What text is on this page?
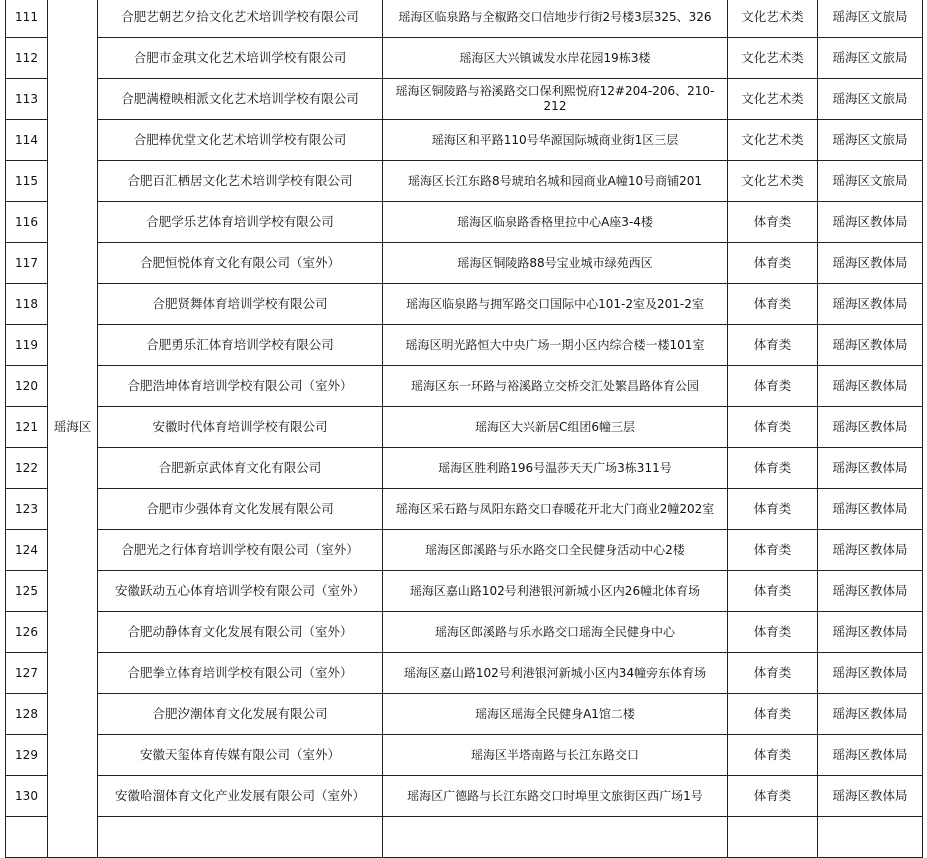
111	瑶海区	合肥艺朝艺夕拾文化艺术培训学校有限公司	瑶海区临泉路与全椒路交口信地步行街2号楼3层325、326	文化艺术类	瑶海区文旅局
112		合肥市金琪文化艺术培训学校有限公司	瑶海区大兴镇诚发水岸花园19栋3楼	文化艺术类	瑶海区文旅局
113		合肥满橙映相派文化艺术培训学校有限公司	瑶海区铜陵路与裕溪路交口保利熙悦府12#204-206、210-212	文化艺术类	瑶海区文旅局
114		合肥棒优堂文化艺术培训学校有限公司	瑶海区和平路110号华源国际城商业街1区三层	文化艺术类	瑶海区文旅局
115		合肥百汇栖居文化艺术培训学校有限公司	瑶海区长江东路8号琥珀名城和园商业A幢10号商铺201	文化艺术类	瑶海区文旅局
116		合肥学乐艺体育培训学校有限公司	瑶海区临泉路香格里拉中心A座3-4楼	体育类	瑶海区教体局
117		合肥恒悦体育文化有限公司（室外）	瑶海区铜陵路88号宝业城市绿苑西区	体育类	瑶海区教体局
118		合肥贤舞体育培训学校有限公司	瑶海区临泉路与拥军路交口国际中心101-2室及201-2室	体育类	瑶海区教体局
119		合肥勇乐汇体育培训学校有限公司	瑶海区明光路恒大中央广场一期小区内综合楼一楼101室	体育类	瑶海区教体局
120		合肥浩坤体育培训学校有限公司（室外）	瑶海区东一环路与裕溪路立交桥交汇处繁昌路体育公园	体育类	瑶海区教体局
121		安徽时代体育培训学校有限公司	瑶海区大兴新居C组团6幢三层	体育类	瑶海区教体局
122		合肥新京武体育文化有限公司	瑶海区胜利路196号温莎天天广场3栋311号	体育类	瑶海区教体局
123		合肥市少强体育文化发展有限公司	瑶海区采石路与凤阳东路交口春暖花开北大门商业2幢202室	体育类	瑶海区教体局
124		合肥光之行体育培训学校有限公司（室外）	瑶海区郎溪路与乐水路交口全民健身活动中心2楼	体育类	瑶海区教体局
125		安徽跃动五心体育培训学校有限公司（室外）	瑶海区嘉山路102号利港银河新城小区内26幢北体育场	体育类	瑶海区教体局
126		合肥动静体育文化发展有限公司（室外）	瑶海区郎溪路与乐水路交口瑶海全民健身中心	体育类	瑶海区教体局
127		合肥拳立体育培训学校有限公司（室外）	瑶海区嘉山路102号利港银河新城小区内34幢旁东体育场	体育类	瑶海区教体局
128		合肥汐潮体育文化发展有限公司	瑶海区瑶海全民健身A1馆二楼	体育类	瑶海区教体局
129		安徽天玺体育传媒有限公司（室外）	瑶海区半塔南路与长江东路交口	体育类	瑶海区教体局
130		安徽哈溜体育文化产业发展有限公司（室外）	瑶海区广德路与长江东路交口时埠里文旅街区西广场1号	体育类	瑶海区教体局
